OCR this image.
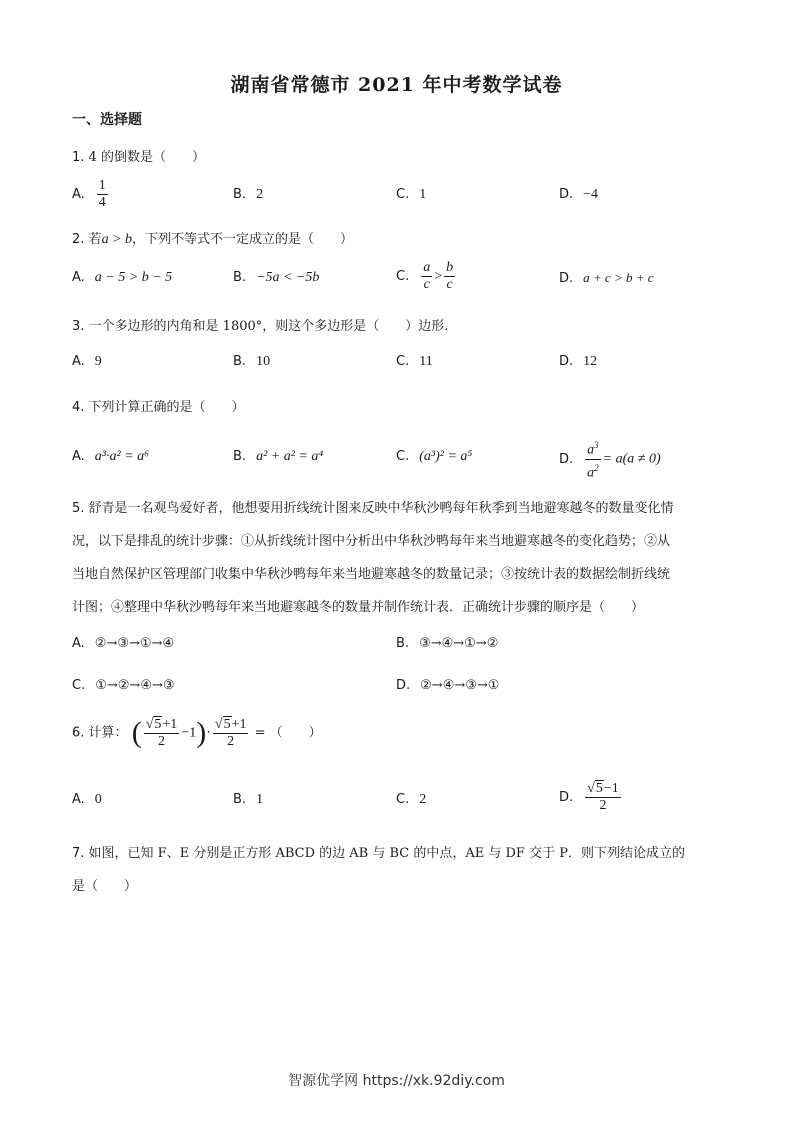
湖南省常德市 2021 年中考数学试卷
一、选择题
1. 4 的倒数是（　　）
A. $\frac{1}{4}$	B. 2	C. 1	D. −4
2. 若a > b，下列不等式不一定成立的是（　　）
A. a − 5 > b − 5	B. −5a < −5b	C. $\frac{a}{c} > \frac{b}{c}$	D. a + c > b + c
3. 一个多边形的内角和是 1800°，则这个多边形是（　　）边形.
A. 9	B. 10	C. 11	D. 12
4. 下列计算正确的是（　　）
A. a³·a² = a⁶	B. a² + a² = a⁴	C. (a³)² = a⁵	D. $\frac{a^3}{a^2} = a(a \ne 0)$
5. 舒青是一名观鸟爱好者，他想要用折线统计图来反映中华秋沙鸭每年秋季到当地避寒越冬的数量变化情
况，以下是排乱的统计步骤：①从折线统计图中分析出中华秋沙鸭每年来当地避寒越冬的变化趋势；②从
当地自然保护区管理部门收集中华秋沙鸭每年来当地避寒越冬的数量记录；③按统计表的数据绘制折线统
计图；④整理中华秋沙鸭每年来当地避寒越冬的数量并制作统计表．正确统计步骤的顺序是（　　）
A. ②→③→①→④	B. ③→④→①→②
C. ①→②→④→③	D. ②→④→③→①
6. 计算： ( $\frac{√5+1}{2} -1)\cdot \frac{√5+1}{2}$ = （　　）
A. 0	B. 1	C. 2	D. $\frac{√5-1}{2}$
7. 如图，已知 F、E 分别是正方形 ABCD 的边 AB 与 BC 的中点，AE 与 DF 交于 P．则下列结论成立的
是（　　）
智源优学网 https://xk.92diy.com
